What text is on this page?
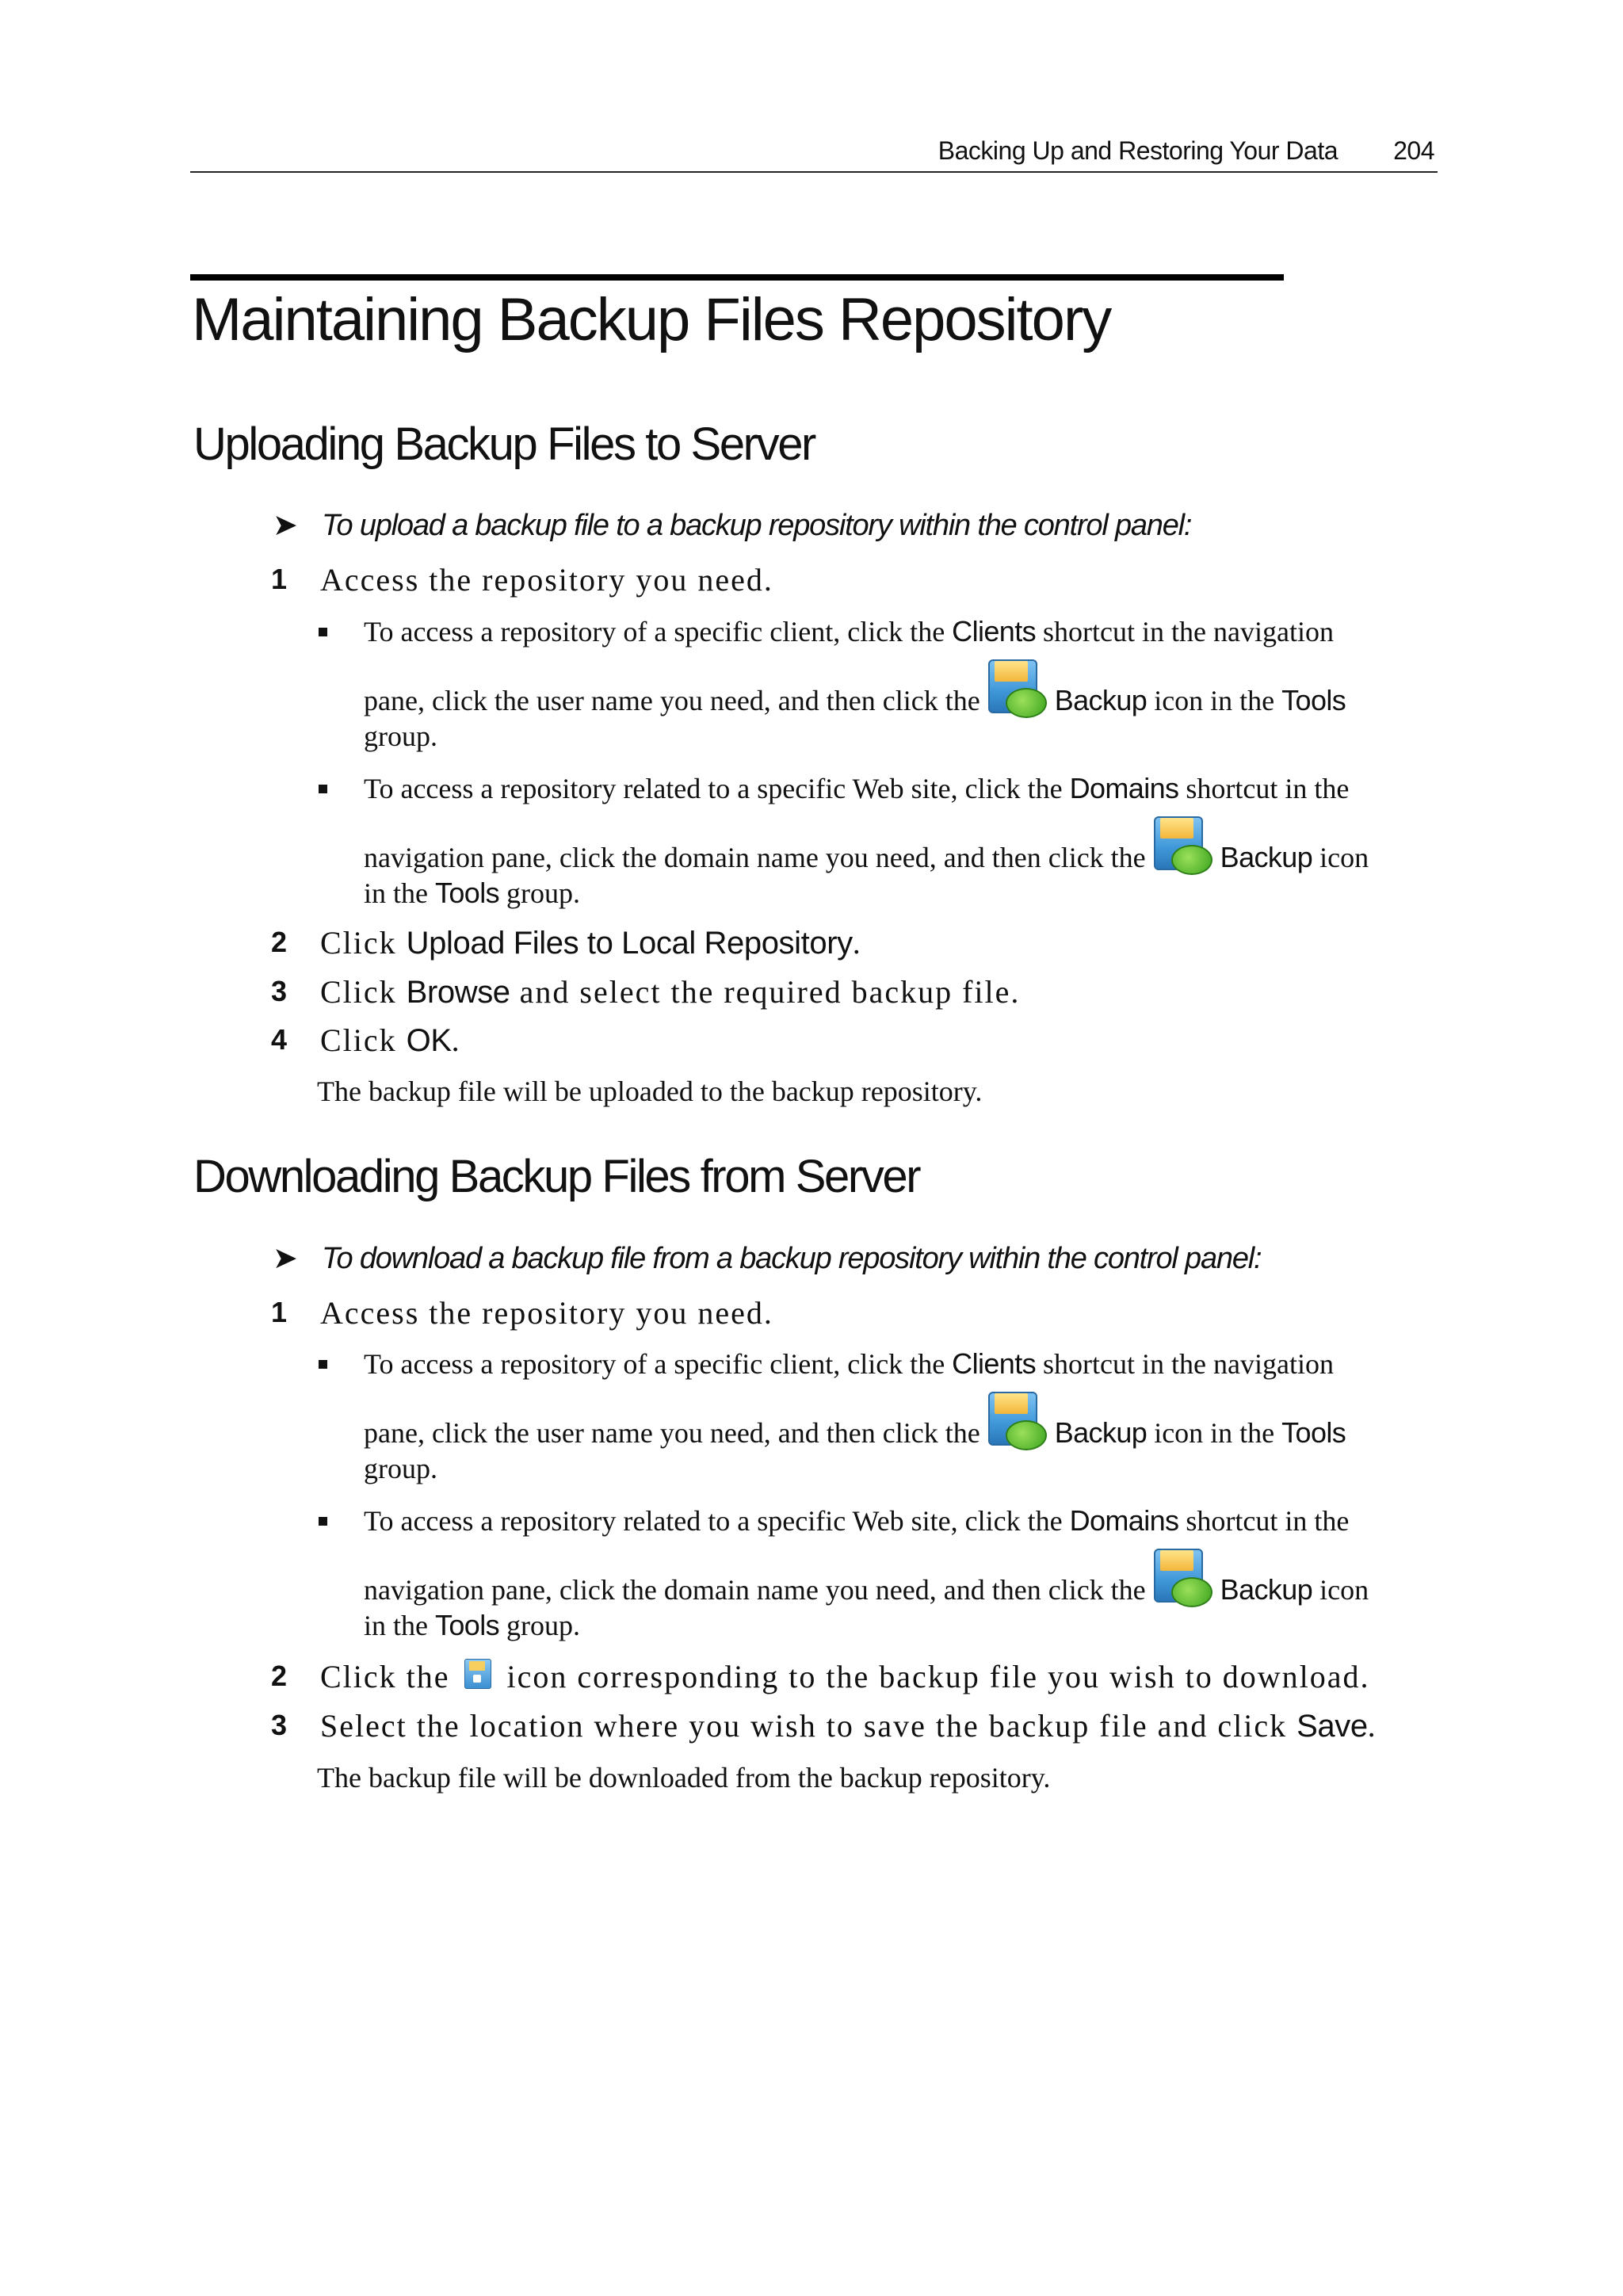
Backing Up and Restoring Your Data 204
Maintaining Backup Files Repository
Uploading Backup Files to Server
➤ To upload a backup file to a backup repository within the control panel:
1 Access the repository you need.
To access a repository of a specific client, click the Clients shortcut in the navigation
pane, click the user name you need, and then click the	Backup icon in the Tools
group.
To access a repository related to a specific Web site, click the Domains shortcut in the
navigation pane, click the domain name you need, and then click the	Backup icon
in the Tools group.
2 Click Upload Files to Local Repository.
3 Click Browse and select the required backup file.
4 Click OK.
The backup file will be uploaded to the backup repository.
Downloading Backup Files from Server
➤ To download a backup file from a backup repository within the control panel:
1 Access the repository you need.
To access a repository of a specific client, click the Clients shortcut in the navigation
pane, click the user name you need, and then click the	Backup icon in the Tools
group.
To access a repository related to a specific Web site, click the Domains shortcut in the
navigation pane, click the domain name you need, and then click the	Backup icon
in the Tools group.
2 Click the
icon corresponding to the backup file you wish to download.
3 Select the location where you wish to save the backup file and click Save.
The backup file will be downloaded from the backup repository.
